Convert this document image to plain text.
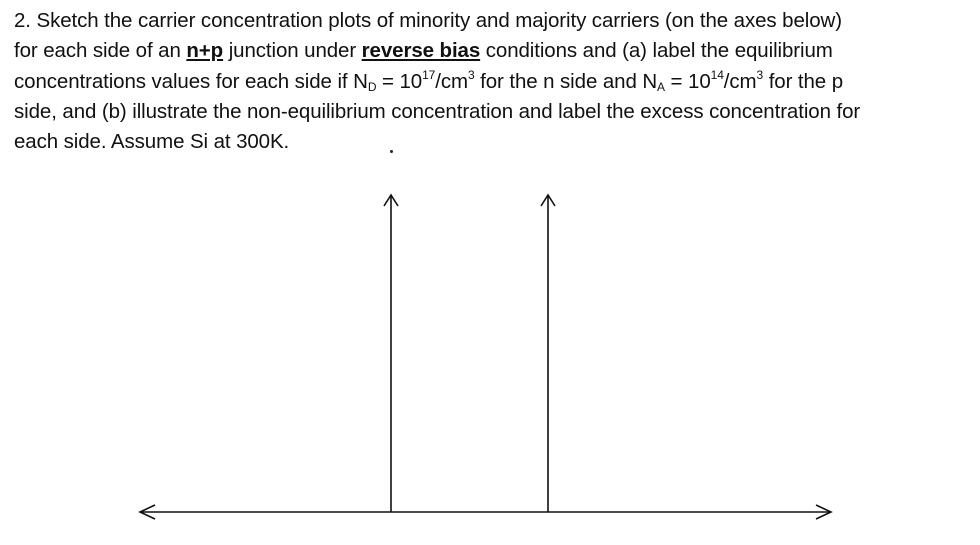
2. Sketch the carrier concentration plots of minority and majority carriers (on the axes below)
for each side of an n+p junction under reverse bias conditions and (a) label the equilibrium
concentrations values for each side if $N_D = 10^{17}/cm^3$ for the n side and $N_A = 10^{14}/cm^3$ for the p
side, and (b) illustrate the non-equilibrium concentration and label the excess concentration for
each side. Assume Si at 300K.
